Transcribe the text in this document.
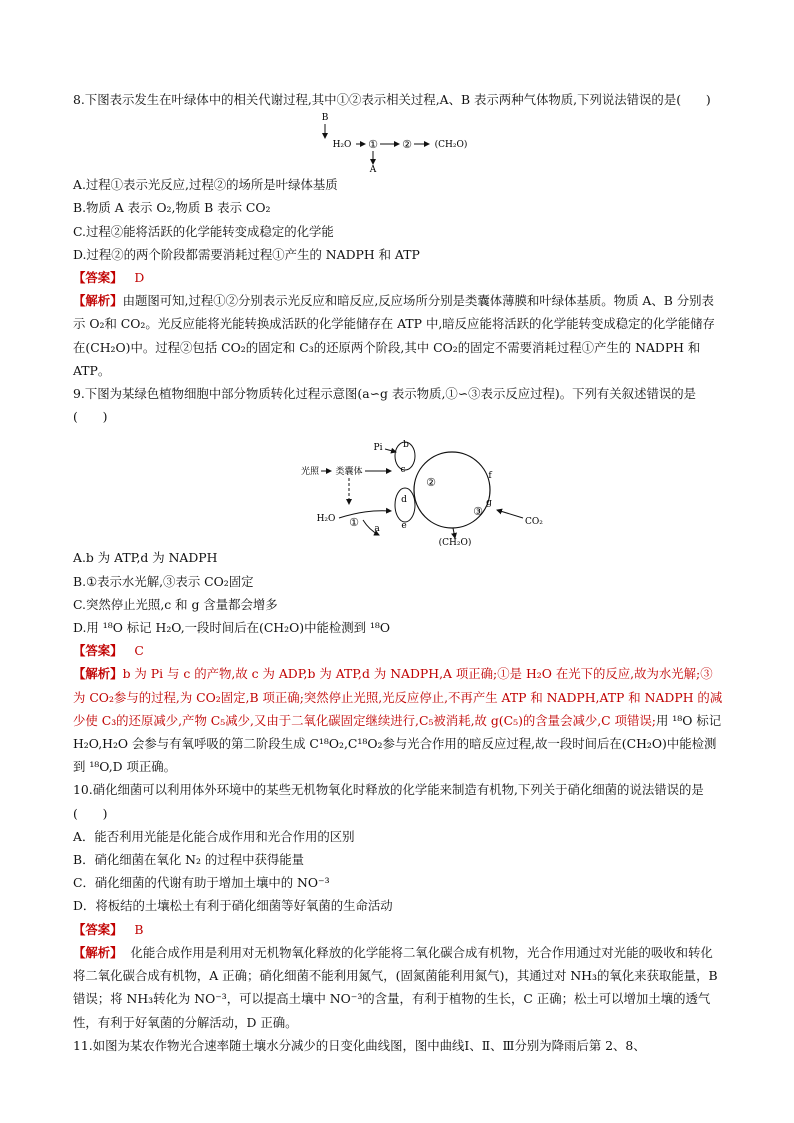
8.下图表示发生在叶绿体中的相关代谢过程,其中①②表示相关过程,A、B 表示两种气体物质,下列说法错误的是(　　)

B
H₂O ① ②	(CH₂O)
A

A.过程①表示光反应,过程②的场所是叶绿体基质

B.物质 A 表示 O₂,物质 B 表示 CO₂

C.过程②能将活跃的化学能转变成稳定的化学能

D.过程②的两个阶段都需要消耗过程①产生的 NADPH 和 ATP

【答案】 D

【解析】由题图可知,过程①②分别表示光反应和暗反应,反应场所分别是类囊体薄膜和叶绿体基质。物质 A、B 分别表示 O₂和 CO₂。光反应能将光能转换成活跃的化学能储存在 ATP 中,暗反应能将活跃的化学能转变成稳定的化学能储存在(CH₂O)中。过程②包括 CO₂的固定和 C₃的还原两个阶段,其中 CO₂的固定不需要消耗过程①产生的 NADPH 和 ATP。

9.下图为某绿色植物细胞中部分物质转化过程示意图(a∽g 表示物质,①∽③表示反应过程)。下列有关叙述错误的是(　　)

光照 类囊体
Pi b
c
②
d
e
H₂O ① a
f
g
③
CO₂
(CH₂O)

A.b 为 ATP,d 为 NADPH

B.①表示水光解,③表示 CO₂固定

C.突然停止光照,c 和 g 含量都会增多

D.用 ¹⁸O 标记 H₂O,一段时间后在(CH₂O)中能检测到 ¹⁸O

【答案】 C

【解析】b 为 Pi 与 c 的产物,故 c 为 ADP,b 为 ATP,d 为 NADPH,A 项正确;①是 H₂O 在光下的反应,故为水光解;③为 CO₂参与的过程,为 CO₂固定,B 项正确;突然停止光照,光反应停止,不再产生 ATP 和 NADPH,ATP 和 NADPH 的减少使 C₃的还原减少,产物 C₅减少,又由于二氧化碳固定继续进行,C₅被消耗,故 g(C₅)的含量会减少,C 项错误;用 ¹⁸O 标记 H₂O,H₂O 会参与有氧呼吸的第二阶段生成 C¹⁸O₂,C¹⁸O₂参与光合作用的暗反应过程,故一段时间后在(CH₂O)中能检测到 ¹⁸O,D 项正确。

10.硝化细菌可以利用体外环境中的某些无机物氧化时释放的化学能来制造有机物,下列关于硝化细菌的说法错误的是(　　)

A．能否利用光能是化能合成作用和光合作用的区别

B．硝化细菌在氧化 N₂ 的过程中获得能量

C．硝化细菌的代谢有助于增加土壤中的 NO⁻³

D．将板结的土壤松土有利于硝化细菌等好氧菌的生命活动

【答案】 B

【解析】 化能合成作用是利用对无机物氧化释放的化学能将二氧化碳合成有机物，光合作用通过对光能的吸收和转化将二氧化碳合成有机物，A 正确；硝化细菌不能利用氮气，(固氮菌能利用氮气)，其通过对 NH₃的氧化来获取能量，B 错误；将 NH₃转化为 NO⁻³，可以提高土壤中 NO⁻³的含量，有利于植物的生长，C 正确；松土可以增加土壤的透气性，有利于好氧菌的分解活动，D 正确。

11.如图为某农作物光合速率随土壤水分减少的日变化曲线图，图中曲线Ⅰ、Ⅱ、Ⅲ分别为降雨后第 2、8、
